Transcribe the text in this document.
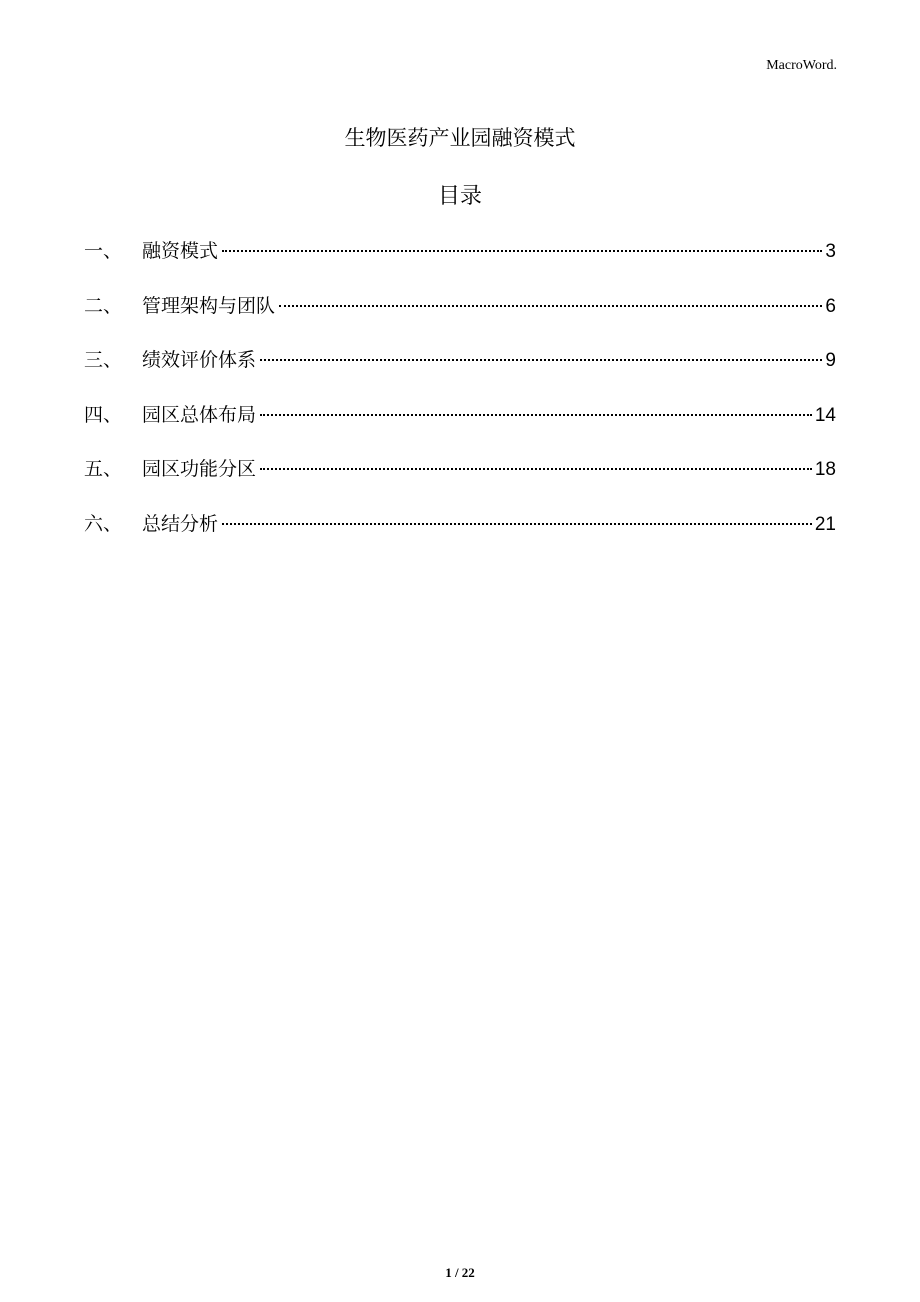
MacroWord.
生物医药产业园融资模式
目录
一、	融资模式	3
二、	管理架构与团队	6
三、	绩效评价体系	9
四、	园区总体布局	14
五、	园区功能分区	18
六、	总结分析	21
1 / 22
